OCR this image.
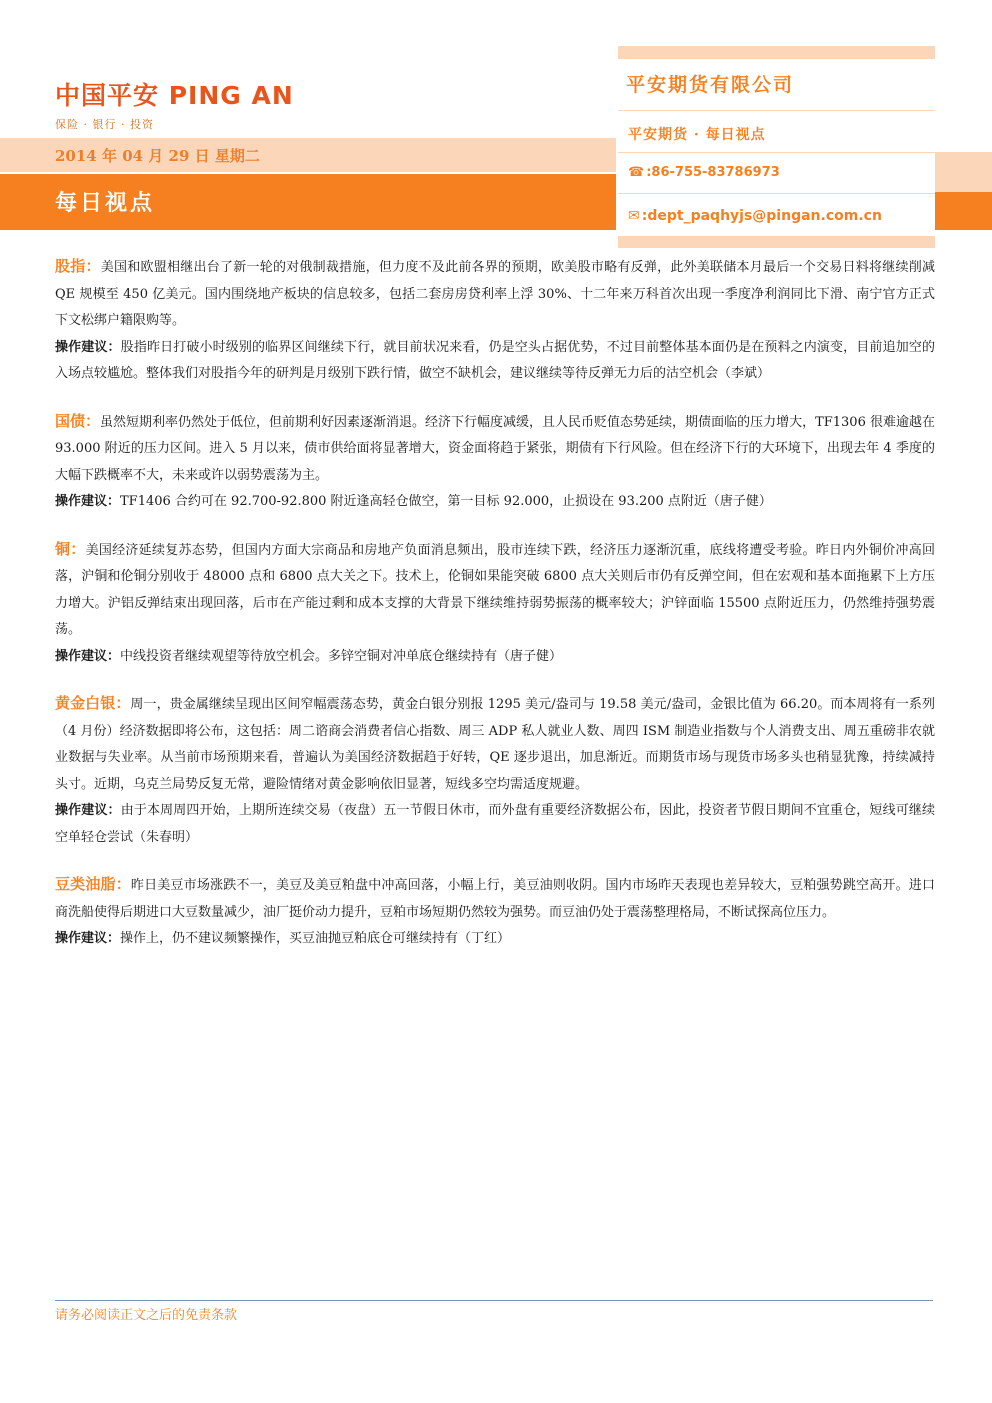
中国平安 PING AN
保险 · 银行 · 投资
2014 年 04 月 29 日 星期二
每日视点
平安期货有限公司
平安期货 · 每日视点
☎ :86-755-83786973
✉ :dept_paqhyjs@pingan.com.cn

股指：美国和欧盟相继出台了新一轮的对俄制裁措施，但力度不及此前各界的预期，欧美股市略有反弹，此外美联储本月最后一个交易日料将继续削减 QE 规模至 450 亿美元。国内围绕地产板块的信息较多，包括二套房房贷利率上浮 30%、十二年来万科首次出现一季度净利润同比下滑、南宁官方正式下文松绑户籍限购等。

操作建议：股指昨日打破小时级别的临界区间继续下行，就目前状况来看，仍是空头占据优势，不过目前整体基本面仍是在预料之内演变，目前追加空的入场点较尴尬。整体我们对股指今年的研判是月级别下跌行情，做空不缺机会，建议继续等待反弹无力后的沽空机会（李斌）

国债：虽然短期利率仍然处于低位，但前期利好因素逐渐消退。经济下行幅度减缓，且人民币贬值态势延续，期债面临的压力增大，TF1306 很难逾越在 93.000 附近的压力区间。进入 5 月以来，债市供给面将显著增大，资金面将趋于紧张，期债有下行风险。但在经济下行的大环境下，出现去年 4 季度的大幅下跌概率不大，未来或许以弱势震荡为主。

操作建议：TF1406 合约可在 92.700-92.800 附近逢高轻仓做空，第一目标 92.000，止损设在 93.200 点附近（唐子健）

铜：美国经济延续复苏态势，但国内方面大宗商品和房地产负面消息频出，股市连续下跌，经济压力逐渐沉重，底线将遭受考验。昨日内外铜价冲高回落，沪铜和伦铜分别收于 48000 点和 6800 点大关之下。技术上，伦铜如果能突破 6800 点大关则后市仍有反弹空间，但在宏观和基本面拖累下上方压力增大。沪铝反弹结束出现回落，后市在产能过剩和成本支撑的大背景下继续维持弱势振荡的概率较大；沪锌面临 15500 点附近压力，仍然维持强势震荡。

操作建议：中线投资者继续观望等待放空机会。多锌空铜对冲单底仓继续持有（唐子健）

黄金白银：周一，贵金属继续呈现出区间窄幅震荡态势，黄金白银分别报 1295 美元/盎司与 19.58 美元/盎司，金银比值为 66.20。而本周将有一系列（4 月份）经济数据即将公布，这包括：周二谘商会消费者信心指数、周三 ADP 私人就业人数、周四 ISM 制造业指数与个人消费支出、周五重磅非农就业数据与失业率。从当前市场预期来看，普遍认为美国经济数据趋于好转，QE 逐步退出，加息渐近。而期货市场与现货市场多头也稍显犹豫，持续减持头寸。近期，乌克兰局势反复无常，避险情绪对黄金影响依旧显著，短线多空均需适度规避。

操作建议：由于本周周四开始，上期所连续交易（夜盘）五一节假日休市，而外盘有重要经济数据公布，因此，投资者节假日期间不宜重仓，短线可继续空单轻仓尝试（朱春明）

豆类油脂：昨日美豆市场涨跌不一，美豆及美豆粕盘中冲高回落，小幅上行，美豆油则收阴。国内市场昨天表现也差异较大，豆粕强势跳空高开。进口商洗船使得后期进口大豆数量减少，油厂挺价动力提升，豆粕市场短期仍然较为强势。而豆油仍处于震荡整理格局，不断试探高位压力。

操作建议：操作上，仍不建议频繁操作，买豆油抛豆粕底仓可继续持有（丁红）

请务必阅读正文之后的免责条款
